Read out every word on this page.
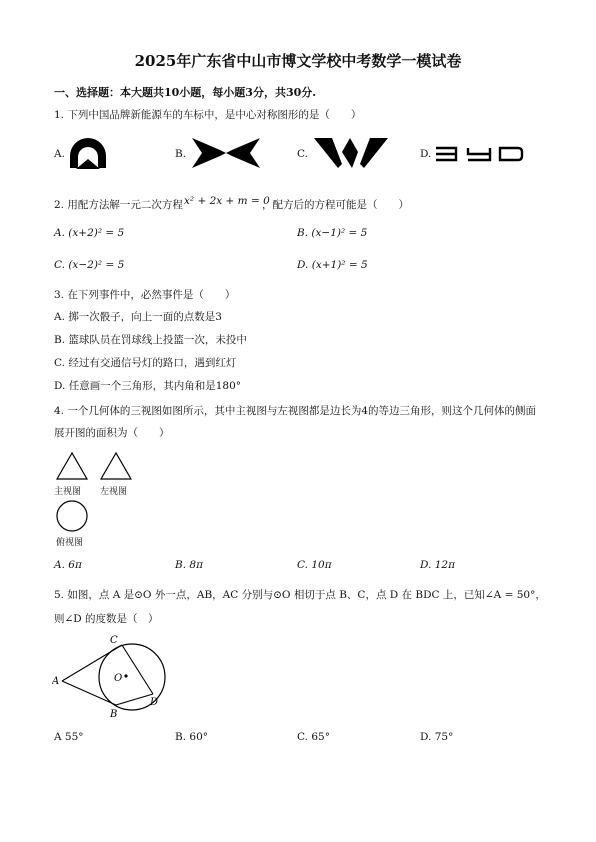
2025年广东省中山市博文学校中考数学一模试卷
一、选择题：本大题共10小题，每小题3分，共30分.
1. 下列中国品牌新能源车的车标中，是中心对称图形的是（　　）
A.	B.	C.	D.
2. 用配方法解一元二次方程 x² + 2x + m = 0
，配方后的方程可能是（　　）
A. (x+2)² = 5	B. (x−1)² = 5
C. (x−2)² = 5	D. (x+1)² = 5
3. 在下列事件中，必然事件是（　　）
A. 掷一次骰子，向上一面的点数是3
B. 篮球队员在罚球线上投篮一次，未投中
C. 经过有交通信号灯的路口，遇到红灯
D. 任意画一个三角形，其内角和是180°
4. 一个几何体的三视图如图所示，其中主视图与左视图都是边长为4的等边三角形，则这个几何体的侧面
展开图的面积为（　　）
主视图 左视图
俯视图
A. 6π	B. 8π	C. 10π	D. 12π
5. 如图，点 A 是⊙O 外一点，AB，AC 分别与⊙O 相切于点 B、C，点 D 在 BDC 上，已知∠A = 50°，
则∠D 的度数是（　）
C
A	O
B
D
A 55°	B. 60°	C. 65°	D. 75°
